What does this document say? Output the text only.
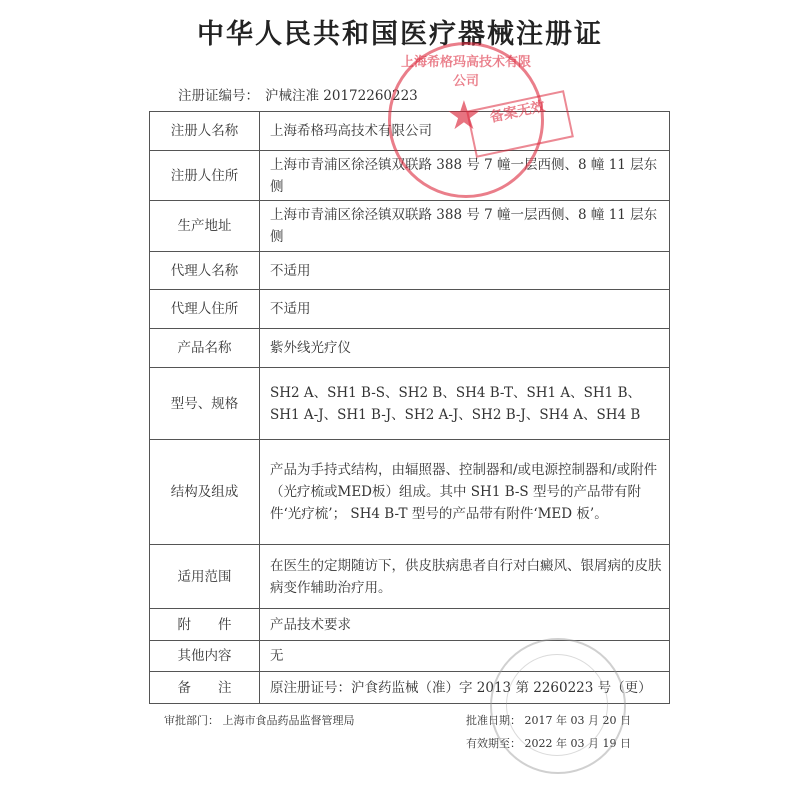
中华人民共和国医疗器械注册证
注册证编号： 沪械注准 20172260223
注册人名称	上海希格玛高技术有限公司
注册人住所	上海市青浦区徐泾镇双联路 388 号 7 幢一层西侧、8 幢 11 层东侧
生产地址	上海市青浦区徐泾镇双联路 388 号 7 幢一层西侧、8 幢 11 层东侧
代理人名称	不适用
代理人住所	不适用
产品名称	紫外线光疗仪
型号、规格	SH2 A、SH1 B-S、SH2 B、SH4 B-T、SH1 A、SH1 B、SH1 A-J、SH1 B-J、SH2 A-J、SH2 B-J、SH4 A、SH4 B
结构及组成	产品为手持式结构，由辐照器、控制器和/或电源控制器和/或附件（光疗梳或MED板）组成。其中 SH1 B-S 型号的产品带有附件‘光疗梳’； SH4 B-T 型号的产品带有附件‘MED 板’。
适用范围	在医生的定期随访下，供皮肤病患者自行对白癜风、银屑病的皮肤病变作辅助治疗用。
附　　件	产品技术要求
其他内容	无
备　　注	原注册证号：沪食药监械（准）字 2013 第 2260223 号（更）
审批部门： 上海市食品药品监督管理局	批准日期： 2017 年 03 月 20 日
有效期至： 2022 年 03 月 19 日
上海希格玛高技术有限公司
★ 备案无效
